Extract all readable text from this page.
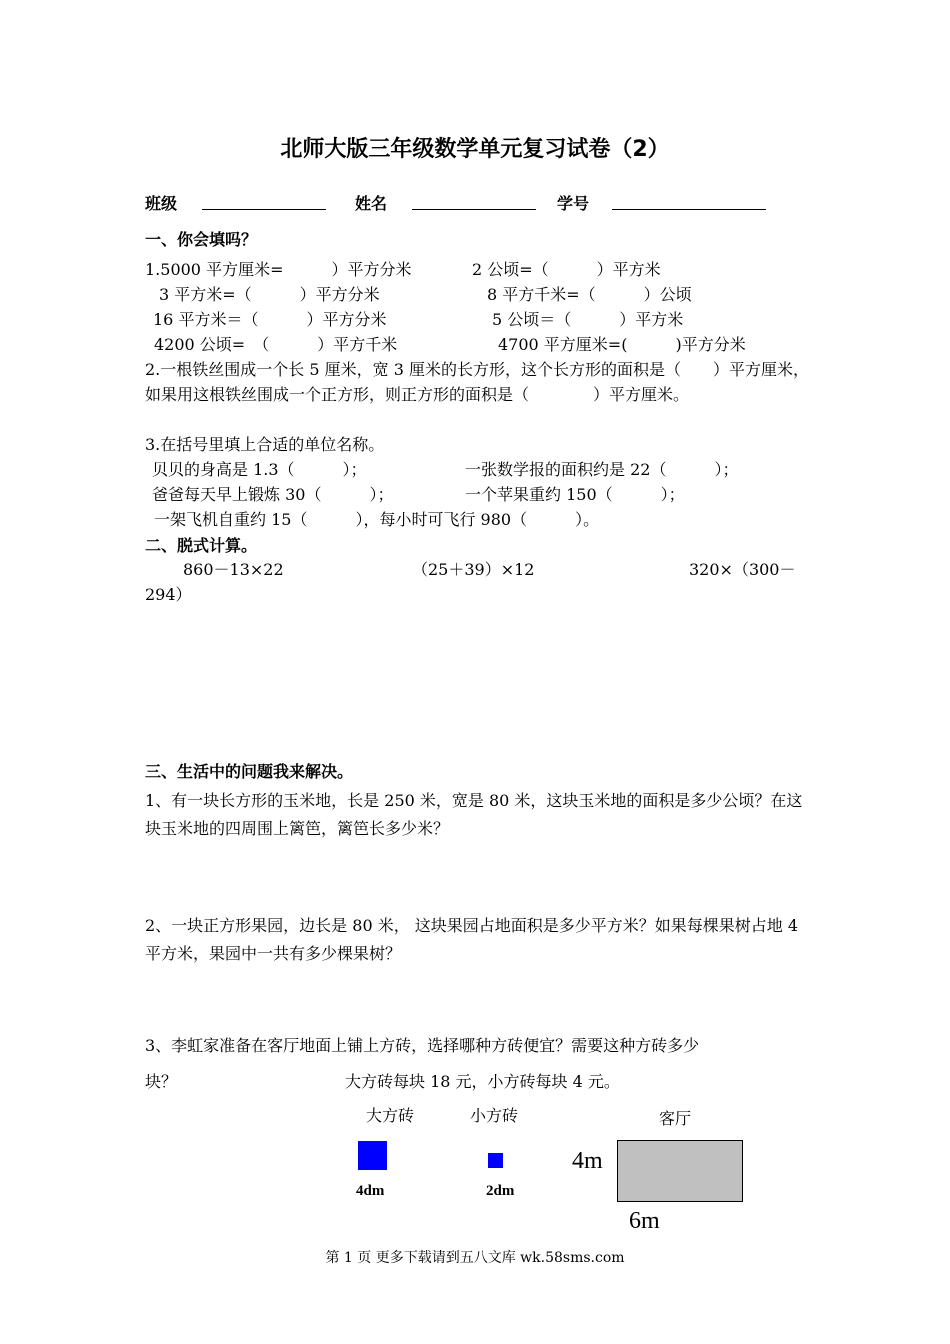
北师大版三年级数学单元复习试卷（2）
班级	姓名	学号
一、你会填吗？
1.5000 平方厘米=　　　）平方分米	2 公顷=（　　　）平方米
3 平方米=（　　　）平方分米	8 平方千米=（　　　）公顷
16 平方米＝（　　　）平方分米	5 公顷＝（　　　）平方米
4200 公顷=　（　　　）平方千米	4700 平方厘米=(　　　)平方分米
2.一根铁丝围成一个长 5 厘米，宽 3 厘米的长方形，这个长方形的面积是（　　）平方厘米，如果用这根铁丝围成一个正方形，则正方形的面积是（　　　　）平方厘米。
3.在括号里填上合适的单位名称。
贝贝的身高是 1.3（　　　）；	一张数学报的面积约是 22（　　　）；
爸爸每天早上锻炼 30（　　　）；	一个苹果重约 150（　　　）；
一架飞机自重约 15（　　　），每小时可飞行 980（　　　）。
二、脱式计算。
860－13×22	（25＋39）×12	320×（300－
294）
三、生活中的问题我来解决。
1、有一块长方形的玉米地，长是 250 米，宽是 80 米，这块玉米地的面积是多少公顷？在这块玉米地的四周围上篱笆，篱笆长多少米？
2、一块正方形果园，边长是 80 米， 这块果园占地面积是多少平方米？如果每棵果树占地 4 平方米，果园中一共有多少棵果树？
3、李虹家准备在客厅地面上铺上方砖，选择哪种方砖便宜？需要这种方砖多少
块？	大方砖每块 18 元，小方砖每块 4 元。
大方砖	小方砖	客厅
4m
4dm	2dm
6m
第 1 页 更多下载请到五八文库 wk.58sms.com
